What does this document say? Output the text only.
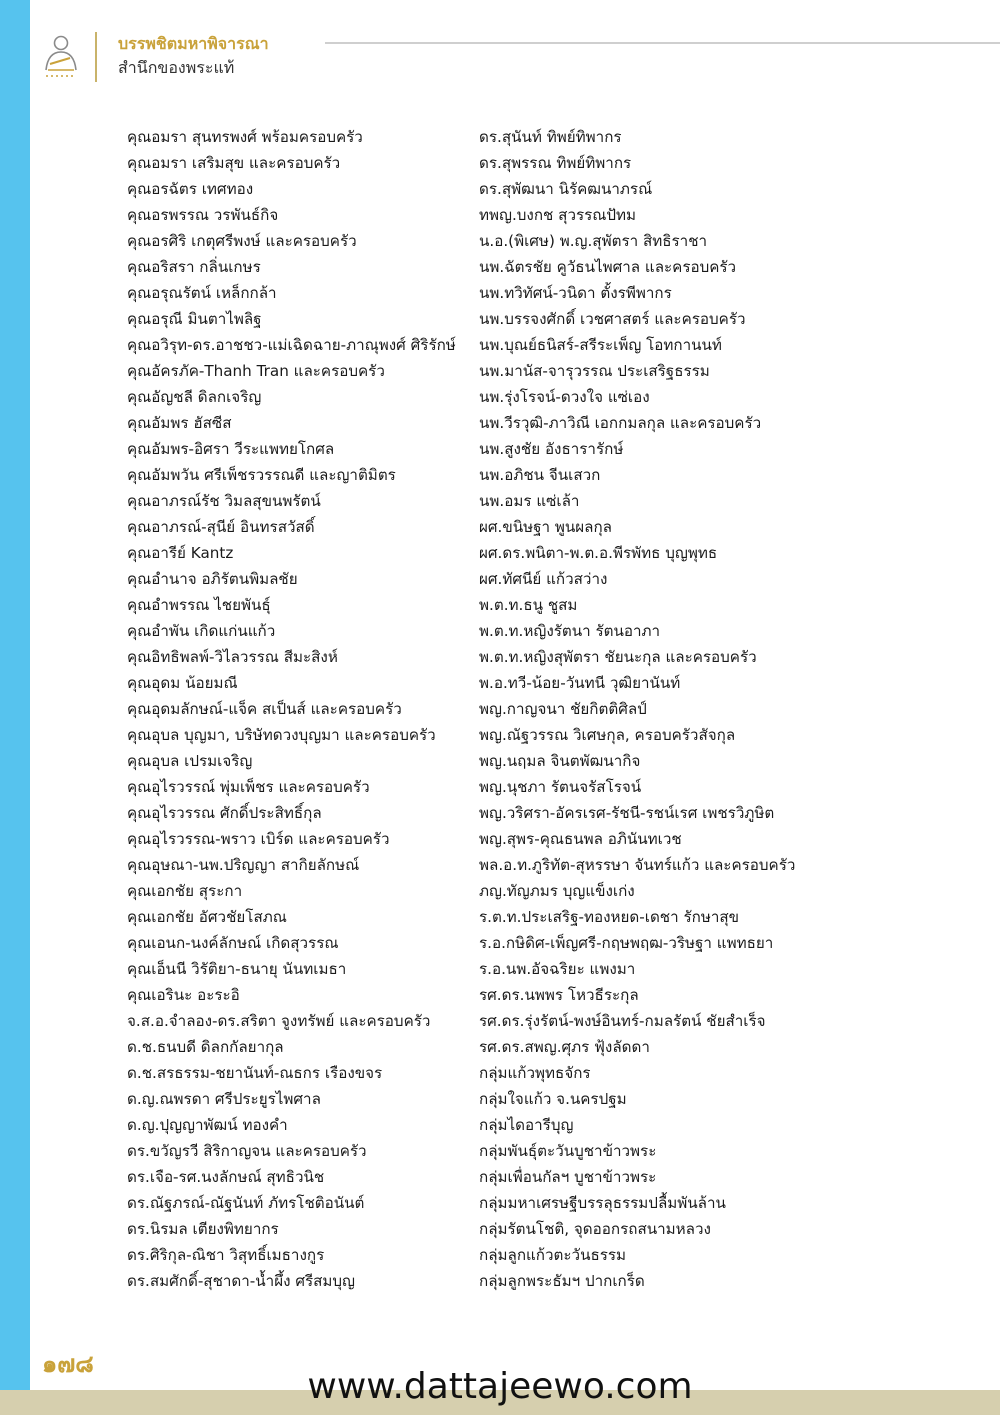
บรรพชิตมหาพิจารณา
สำนึกของพระแท้
คุณอมรา สุนทรพงศ์ พร้อมครอบครัว
คุณอมรา เสริมสุข และครอบครัว
คุณอรฉัตร เทศทอง
คุณอรพรรณ วรพันธ์กิจ
คุณอรศิริ เกตุศรีพงษ์ และครอบครัว
คุณอริสรา กลิ่นเกษร
คุณอรุณรัตน์ เหล็กกล้า
คุณอรุณี มินตาไพลิฐ
คุณอวิรุท-ดร.อาชชว-แม่เฉิดฉาย-ภาณุพงศ์ ศิริรักษ์
คุณอัครภัค-Thanh Tran และครอบครัว
คุณอัญชลี ดิลกเจริญ
คุณอัมพร ฮัสซีส
คุณอัมพร-อิศรา วีระแพทยโกศล
คุณอัมพวัน ศรีเพ็ชรวรรณดี และญาติมิตร
คุณอาภรณ์รัช วิมลสุขนพรัตน์
คุณอาภรณ์-สุนีย์ อินทรสวัสดิ์
คุณอารีย์ Kantz
คุณอำนาจ อภิรัตนพิมลชัย
คุณอำพรรณ ไชยพันธุ์
คุณอำพัน เกิดแก่นแก้ว
คุณอิทธิพลพ์-วิไลวรรณ สีมะสิงห์
คุณอุดม น้อยมณี
คุณอุดมลักษณ์-แจ็ค สเป็นส์ และครอบครัว
คุณอุบล บุญมา, บริษัทดวงบุญมา และครอบครัว
คุณอุบล เปรมเจริญ
คุณอุไรวรรณ์ พุ่มเพ็ชร และครอบครัว
คุณอุไรวรรณ ศักดิ์ประสิทธิ์กุล
คุณอุไรวรรณ-พราว เบิร์ด และครอบครัว
คุณอุษณา-นพ.ปริญญา สากิยลักษณ์
คุณเอกชัย สุระกา
คุณเอกชัย อัศวชัยโสภณ
คุณเอนก-นงค์ลักษณ์ เกิดสุวรรณ
คุณเอ็นนี วิรัติยา-ธนายุ นันทเมธา
คุณเอรินะ อะระอิ
จ.ส.อ.จำลอง-ดร.สริตา จูงทรัพย์ และครอบครัว
ด.ช.ธนบดี ดิลกกัลยากุล
ด.ช.สรธรรม-ชยานันท์-ณธกร เรืองขจร
ด.ญ.ณพรดา ศรีประยูรไพศาล
ด.ญ.ปุญญาพัฒน์ ทองคำ
ดร.ขวัญรวี สิริกาญจน และครอบครัว
ดร.เจือ-รศ.นงลักษณ์ สุทธิวนิช
ดร.ณัฐภรณ์-ณัฐนันท์ ภัทรโชติอนันต์
ดร.นิรมล เตียงพิทยากร
ดร.ศิริกุล-ณิชา วิสุทธิ์เมธางกูร
ดร.สมศักดิ์-สุชาดา-น้ำผึ้ง ศรีสมบุญ
ดร.สุนันท์ ทิพย์ทิพากร
ดร.สุพรรณ ทิพย์ทิพากร
ดร.สุพัฒนา นิรัคฒนาภรณ์
ทพญ.บงกช สุวรรณปัทม
น.อ.(พิเศษ) พ.ญ.สุพัตรา สิทธิราชา
นพ.ฉัตรชัย คูวัธนไพศาล และครอบครัว
นพ.ทวิทัศน์-วนิดา ตั้งรพีพากร
นพ.บรรจงศักดิ์ เวชศาสตร์ และครอบครัว
นพ.บุณย์ธนิสร์-สรีระเพ็ญ โอทกานนท์
นพ.มานัส-จารุวรรณ ประเสริฐธรรม
นพ.รุ่งโรจน์-ดวงใจ แซ่เอง
นพ.วีรวุฒิ-ภาวิณี เอกกมลกุล และครอบครัว
นพ.สูงชัย อังธารารักษ์
นพ.อภิชน จีนเสวก
นพ.อมร แซ่เล้า
ผศ.ขนิษฐา พูนผลกุล
ผศ.ดร.พนิตา-พ.ต.อ.พีรพัทธ บุญพุทธ
ผศ.ทัศนีย์ แก้วสว่าง
พ.ต.ท.ธนู ชูสม
พ.ต.ท.หญิงรัตนา รัตนอาภา
พ.ต.ท.หญิงสุพัตรา ชัยนะกุล และครอบครัว
พ.อ.ทวี-น้อย-วันทนี วุฒิยานันท์
พญ.กาญจนา ชัยกิตติศิลป์
พญ.ณัฐวรรณ วิเศษกุล, ครอบครัวสัจกุล
พญ.นฤมล จินตพัฒนากิจ
พญ.นุชภา รัตนจรัสโรจน์
พญ.วริศรา-อัครเรศ-รัชนี-รชน์เรศ เพชรวิภูษิต
พญ.สุพร-คุณธนพล อภินันทเวช
พล.อ.ท.ภูริทัต-สุหรรษา จันทร์แก้ว และครอบครัว
ภญ.ทัญภมร บุญแข็งเก่ง
ร.ต.ท.ประเสริฐ-ทองหยด-เดชา รักษาสุข
ร.อ.กษิดิศ-เพ็ญศรี-กฤษพฤฒ-วริษฐา แพทธยา
ร.อ.นพ.อัจฉริยะ แพงมา
รศ.ดร.นพพร โหวธีระกุล
รศ.ดร.รุ่งรัตน์-พงษ์อินทร์-กมลรัตน์ ชัยสำเร็จ
รศ.ดร.สพญ.ศุภร ฟุ้งลัดดา
กลุ่มแก้วพุทธจักร
กลุ่มใจแก้ว จ.นครปฐม
กลุ่มไดอารีบุญ
กลุ่มพันธุ์ตะวันบูชาข้าวพระ
กลุ่มเพื่อนกัลฯ บูชาข้าวพระ
กลุ่มมหาเศรษฐีบรรลุธรรมปลื้มพันล้าน
กลุ่มรัตนโชติ, จุดออกรถสนามหลวง
กลุ่มลูกแก้วตะวันธรรม
กลุ่มลูกพระธัมฯ ปากเกร็ด
๑๗๘
www.dattajeewo.com
